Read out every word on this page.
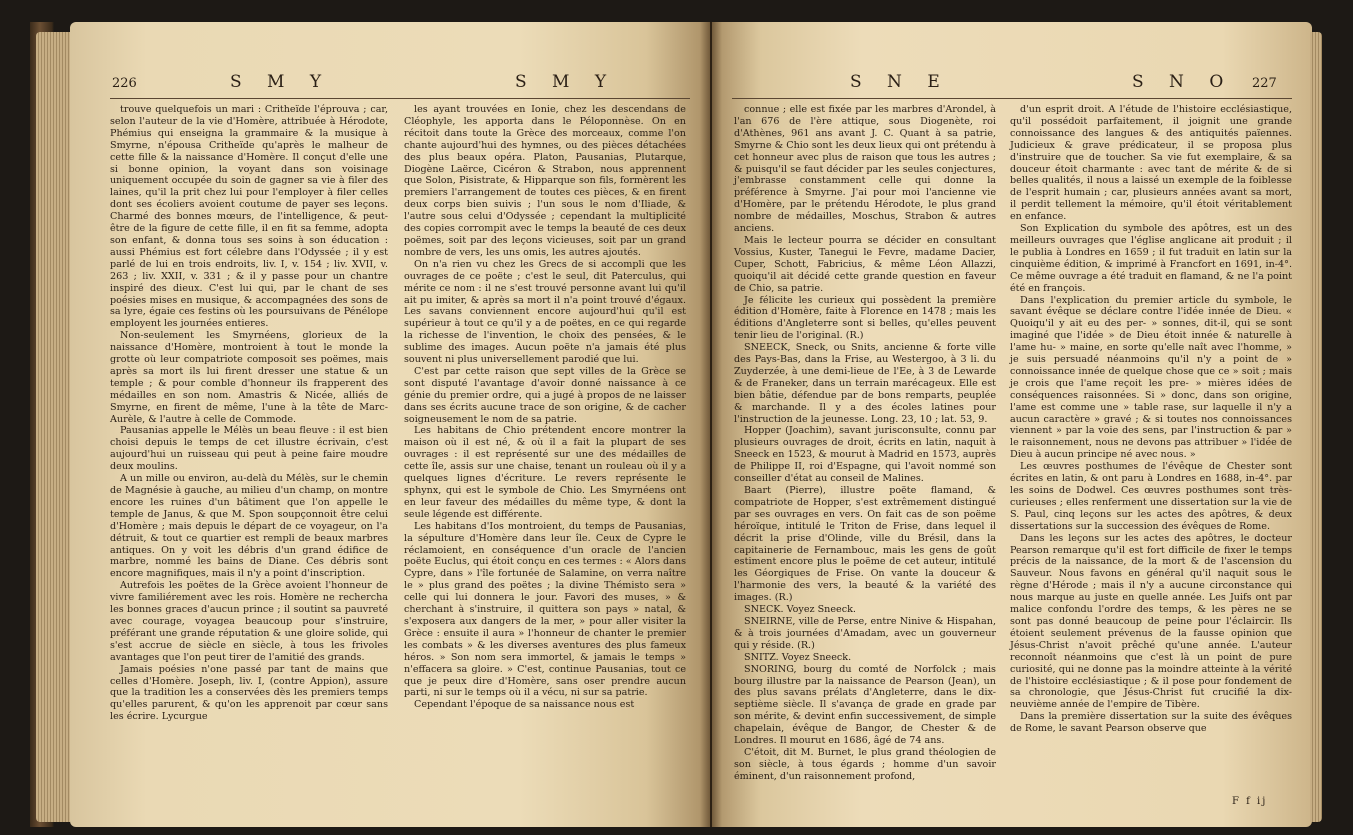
226	S M Y	S M Y

trouve quelquefois un mari : Critheïde l'éprouva ; car, selon l'auteur de la vie d'Homère, attribuée à Hérodote, Phémius qui enseigna la grammaire & la musique à Smyrne, n'épousa Critheïde qu'après le malheur de cette fille & la naissance d'Homère. Il conçut d'elle une si bonne opinion, la voyant dans son voisinage uniquement occupée du soin de gagner sa vie à filer des laines, qu'il la prit chez lui pour l'employer à filer celles dont ses écoliers avoient coutume de payer ses leçons. Charmé des bonnes mœurs, de l'intelligence, & peut-être de la figure de cette fille, il en fit sa femme, adopta son enfant, & donna tous ses soins à son éducation : aussi Phémius est fort célebre dans l'Odyssée ; il y est parlé de lui en trois endroits, liv. I, v. 154 ; liv. XVII, v. 263 ; liv. XXII, v. 331 ; & il y passe pour un chantre inspiré des dieux. C'est lui qui, par le chant de ses poésies mises en musique, & accompagnées des sons de sa lyre, égaie ces festins où les poursuivans de Pénélope employent les journées entieres.

Non-seulement les Smyrnéens, glorieux de la naissance d'Homère, montroient à tout le monde la grotte où leur compatriote composoit ses poëmes, mais après sa mort ils lui firent dresser une statue & un temple ; & pour comble d'honneur ils frapperent des médailles en son nom. Amastris & Nicée, alliés de Smyrne, en firent de même, l'une à la tête de Marc-Aurèle, & l'autre à celle de Commode.

Pausanias appelle le Mélès un beau fleuve : il est bien choisi depuis le temps de cet illustre écrivain, c'est aujourd'hui un ruisseau qui peut à peine faire moudre deux moulins.

A un mille ou environ, au-delà du Mélès, sur le chemin de Magnésie à gauche, au milieu d'un champ, on montre encore les ruines d'un bâtiment que l'on appelle le temple de Janus, & que M. Spon soupçonnoit être celui d'Homère ; mais depuis le départ de ce voyageur, on l'a détruit, & tout ce quartier est rempli de beaux marbres antiques. On y voit les débris d'un grand édifice de marbre, nommé les bains de Diane. Ces débris sont encore magnifiques, mais il n'y a point d'inscription.

Autrefois les poëtes de la Grèce avoient l'honneur de vivre familiérement avec les rois. Homère ne rechercha les bonnes graces d'aucun prince ; il soutint sa pauvreté avec courage, voyagea beaucoup pour s'instruire, préférant une grande réputation & une gloire solide, qui s'est accrue de siècle en siècle, à tous les frivoles avantages que l'on peut tirer de l'amitié des grands.

Jamais poésies n'one passé par tant de mains que celles d'Homère. Joseph, liv. I, (contre Appion), assure que la tradition les a conservées dès les premiers temps qu'elles parurent, & qu'on les apprenoit par cœur sans les écrire. Lycurgue

les ayant trouvées en Ionie, chez les descendans de Cléophyle, les apporta dans le Péloponnèse. On en récitoit dans toute la Grèce des morceaux, comme l'on chante aujourd'hui des hymnes, ou des pièces détachées des plus beaux opéra. Platon, Pausanias, Plutarque, Diogène Laërce, Cicéron & Strabon, nous apprennent que Solon, Pisistrate, & Hipparque son fils, formèrent les premiers l'arrangement de toutes ces pièces, & en firent deux corps bien suivis ; l'un sous le nom d'Iliade, & l'autre sous celui d'Odyssée ; cependant la multiplicité des copies corrompit avec le temps la beauté de ces deux poëmes, soit par des leçons vicieuses, soit par un grand nombre de vers, les uns omis, les autres ajoutés.

On n'a rien vu chez les Grecs de si accompli que les ouvrages de ce poëte ; c'est le seul, dit Paterculus, qui mérite ce nom : il ne s'est trouvé personne avant lui qu'il ait pu imiter, & après sa mort il n'a point trouvé d'égaux. Les savans conviennent encore aujourd'hui qu'il est supérieur à tout ce qu'il y a de poëtes, en ce qui regarde la richesse de l'invention, le choix des pensées, & le sublime des images. Aucun poëte n'a jamais été plus souvent ni plus universellement parodié que lui.

C'est par cette raison que sept villes de la Grèce se sont disputé l'avantage d'avoir donné naissance à ce génie du premier ordre, qui a jugé à propos de ne laisser dans ses écrits aucune trace de son origine, & de cacher soigneusement le nom de sa patrie.

Les habitans de Chio prétendent encore montrer la maison où il est né, & où il a fait la plupart de ses ouvrages : il est représenté sur une des médailles de cette île, assis sur une chaise, tenant un rouleau où il y a quelques lignes d'écriture. Le revers représente le sphynx, qui est le symbole de Chio. Les Smyrnéens ont en leur faveur des médailles du même type, & dont la seule légende est différente.

Les habitans d'Ios montroient, du temps de Pausanias, la sépulture d'Homère dans leur île. Ceux de Cypre le réclamoient, en conséquence d'un oracle de l'ancien poëte Euclus, qui étoit conçu en ces termes : « Alors dans Cypre, dans » l'île fortunée de Salamine, on verra naître le » plus grand des poëtes ; la divine Thémisto sera » celle qui lui donnera le jour. Favori des muses, » & cherchant à s'instruire, il quittera son pays » natal, & s'exposera aux dangers de la mer, » pour aller visiter la Grèce : ensuite il aura » l'honneur de chanter le premier les combats » & les diverses aventures des plus fameux héros. » Son nom sera immortel, & jamais le temps » n'effacera sa gloire. » C'est, continue Pausanias, tout ce que je peux dire d'Homère, sans oser prendre aucun parti, ni sur le temps où il a vécu, ni sur sa patrie.

Cependant l'époque de sa naissance nous est

S N E	S N O 227

connue ; elle est fixée par les marbres d'Arondel, à l'an 676 de l'ère attique, sous Diogenète, roi d'Athènes, 961 ans avant J. C. Quant à sa patrie, Smyrne & Chio sont les deux lieux qui ont prétendu à cet honneur avec plus de raison que tous les autres ; & puisqu'il se faut décider par les seules conjectures, j'embrasse constamment celle qui donne la préférence à Smyrne. J'ai pour moi l'ancienne vie d'Homère, par le prétendu Hérodote, le plus grand nombre de médailles, Moschus, Strabon & autres anciens.

Mais le lecteur pourra se décider en consultant Vossius, Kuster, Tanegui le Fevre, madame Dacier, Cuper, Schott, Fabricius, & même Léon Allazzi, quoiqu'il ait décidé cette grande question en faveur de Chio, sa patrie.

Je félicite les curieux qui possèdent la première édition d'Homère, faite à Florence en 1478 ; mais les éditions d'Angleterre sont si belles, qu'elles peuvent tenir lieu de l'original. (R.)

SNEECK, Sneck, ou Snits, ancienne & forte ville des Pays-Bas, dans la Frise, au Westergoo, à 3 li. du Zuyderzée, à une demi-lieue de l'Ee, à 3 de Lewarde & de Franeker, dans un terrain marécageux. Elle est bien bâtie, défendue par de bons remparts, peuplée & marchande. Il y a des écoles latines pour l'instruction de la jeunesse. Long. 23, 10 ; lat. 53, 9.

Hopper (Joachim), savant jurisconsulte, connu par plusieurs ouvrages de droit, écrits en latin, naquit à Sneeck en 1523, & mourut à Madrid en 1573, auprès de Philippe II, roi d'Espagne, qui l'avoit nommé son conseiller d'état au conseil de Malines.

Baart (Pierre), illustre poëte flamand, & compatriote de Hopper, s'est extrêmement distingué par ses ouvrages en vers. On fait cas de son poëme héroïque, intitulé le Triton de Frise, dans lequel il décrit la prise d'Olinde, ville du Brésil, dans la capitainerie de Fernambouc, mais les gens de goût estiment encore plus le poëme de cet auteur, intitulé les Géorgiques de Frise. On vante la douceur & l'harmonie des vers, la beauté & la variété des images. (R.)

SNECK. Voyez Sneeck.

SNEIRNE, ville de Perse, entre Ninive & Hispahan, & à trois journées d'Amadam, avec un gouverneur qui y réside. (R.)

SNITZ. Voyez Sneeck.

SNORING, bourg du comté de Norfolck ; mais bourg illustre par la naissance de Pearson (Jean), un des plus savans prélats d'Angleterre, dans le dix-septième siècle. Il s'avança de grade en grade par son mérite, & devint enfin successivement, de simple chapelain, évêque de Bangor, de Chester & de Londres. Il mourut en 1686, âgé de 74 ans.

C'étoit, dit M. Burnet, le plus grand théologien de son siècle, à tous égards ; homme d'un savoir éminent, d'un raisonnement profond,

d'un esprit droit. A l'étude de l'histoire ecclésiastique, qu'il possédoit parfaitement, il joignit une grande connoissance des langues & des antiquités païennes. Judicieux & grave prédicateur, il se proposa plus d'instruire que de toucher. Sa vie fut exemplaire, & sa douceur étoit charmante : avec tant de mérite & de si belles qualités, il nous a laissé un exemple de la foiblesse de l'esprit humain ; car, plusieurs années avant sa mort, il perdit tellement la mémoire, qu'il étoit véritablement en enfance.

Son Explication du symbole des apôtres, est un des meilleurs ouvrages que l'église anglicane ait produit ; il le publia à Londres en 1659 ; il fut traduit en latin sur la cinquième édition, & imprimé à Francfort en 1691, in-4°. Ce même ouvrage a été traduit en flamand, & ne l'a point été en françois.

Dans l'explication du premier article du symbole, le savant évêque se déclare contre l'idée innée de Dieu. « Quoiqu'il y ait eu des per- » sonnes, dit-il, qui se sont imaginé que l'idée » de Dieu étoit innée & naturelle à l'ame hu- » maine, en sorte qu'elle naît avec l'homme, » je suis persuadé néanmoins qu'il n'y a point de » connoissance innée de quelque chose que ce » soit ; mais je crois que l'ame reçoit les pre- » mières idées de conséquences raisonnées. Si » donc, dans son origine, l'ame est comme une » table rase, sur laquelle il n'y a aucun caractère » gravé ; & si toutes nos connoissances viennent » par la voie des sens, par l'instruction & par » le raisonnement, nous ne devons pas attribuer » l'idée de Dieu à aucun principe né avec nous. »

Les œuvres posthumes de l'évêque de Chester sont écrites en latin, & ont paru à Londres en 1688, in-4°. par les soins de Dodwel. Ces œuvres posthumes sont très-curieuses ; elles renferment une dissertation sur la vie de S. Paul, cinq leçons sur les actes des apôtres, & deux dissertations sur la succession des évêques de Rome.

Dans les leçons sur les actes des apôtres, le docteur Pearson remarque qu'il est fort difficile de fixer le temps précis de la naissance, de la mort & de l'ascension du Sauveur. Nous favons en général qu'il naquit sous le règne d'Hérode ; mais il n'y a aucune circonstance qui nous marque au juste en quelle année. Les Juifs ont par malice confondu l'ordre des temps, & les pères ne se sont pas donné beaucoup de peine pour l'éclaircir. Ils étoient seulement prévenus de la fausse opinion que Jésus-Christ n'avoit prêché qu'une année. L'auteur reconnoît néanmoins que c'est là un point de pure curiosité, qui ne donne pas la moindre atteinte à la vérité de l'histoire ecclésiastique ; & il pose pour fondement de sa chronologie, que Jésus-Christ fut crucifié la dix-neuvième année de l'empire de Tibère.

Dans la première dissertation sur la suite des évêques de Rome, le savant Pearson observe que

F f ij
